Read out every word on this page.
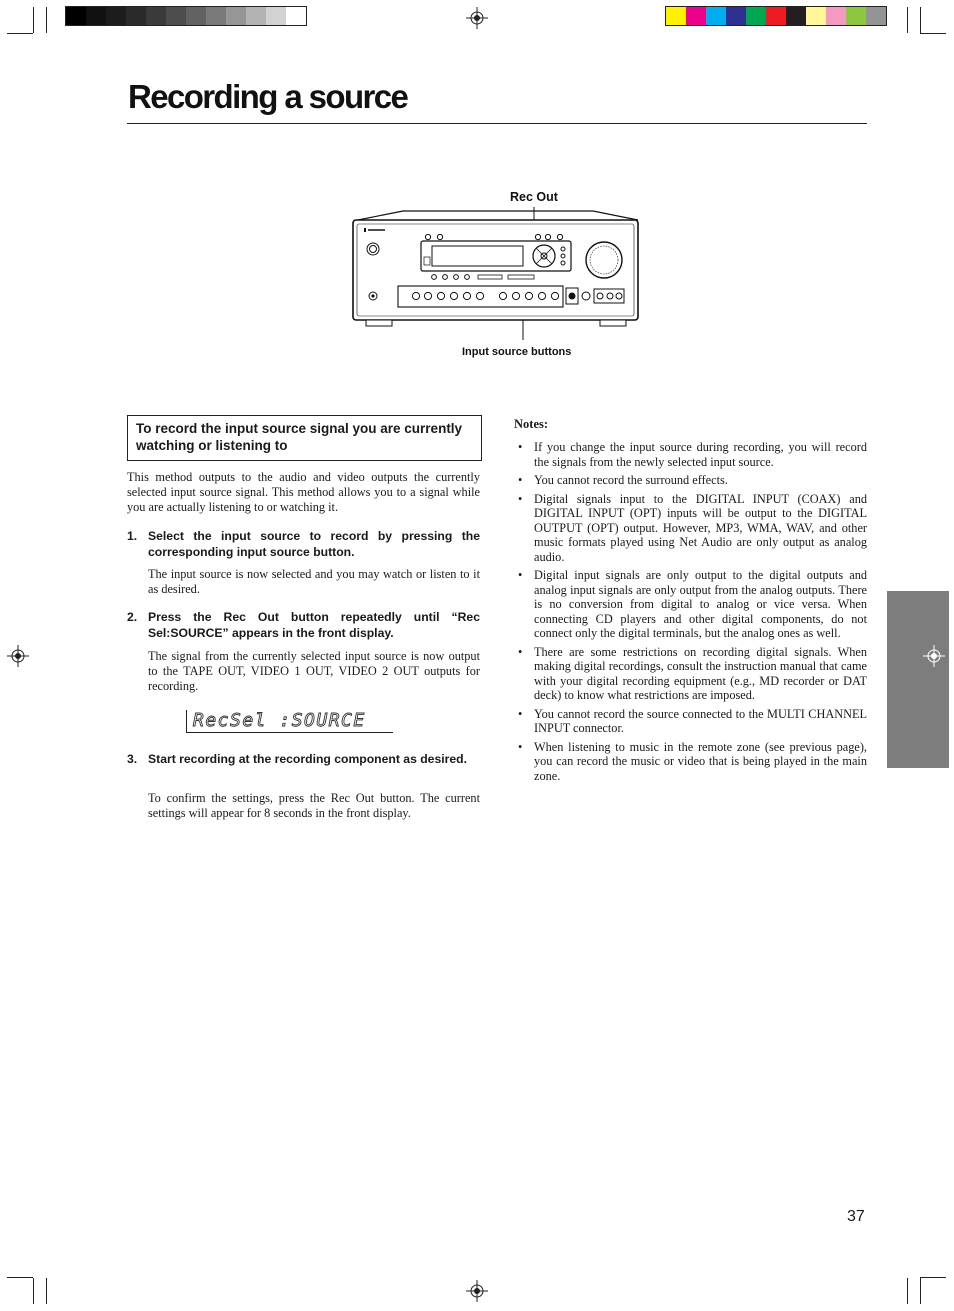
Recording a source
Rec Out
Input source buttons
To record the input source signal you are currently watching or listening to
This method outputs to the audio and video outputs the currently selected input source signal. This method allows you to a signal while you are actually listening to or watching it.
1. Select the input source to record by pressing the corresponding input source button.
The input source is now selected and you may watch or listen to it as desired.
2. Press the Rec Out button repeatedly until “Rec Sel:SOURCE” appears in the front display.
The signal from the currently selected input source is now output to the TAPE OUT, VIDEO 1 OUT, VIDEO 2 OUT outputs for recording.
RecSel :SOURCE
3. Start recording at the recording component as desired.
To confirm the settings, press the Rec Out button. The current settings will appear for 8 seconds in the front display.
Notes:
• If you change the input source during recording, you will record the signals from the newly selected input source.
• You cannot record the surround effects.
• Digital signals input to the DIGITAL INPUT (COAX) and DIGITAL INPUT (OPT) inputs will be output to the DIGITAL OUTPUT (OPT) output. However, MP3, WMA, WAV, and other music formats played using Net Audio are only output as analog audio.
• Digital input signals are only output to the digital outputs and analog input signals are only output from the analog outputs. There is no conversion from digital to analog or vice versa. When connecting CD players and other digital components, do not connect only the digital terminals, but the analog ones as well.
• There are some restrictions on recording digital signals. When making digital recordings, consult the instruction manual that came with your digital recording equipment (e.g., MD recorder or DAT deck) to know what restrictions are imposed.
• You cannot record the source connected to the MULTI CHANNEL INPUT connector.
• When listening to music in the remote zone (see previous page), you can record the music or video that is being played in the main zone.
37
